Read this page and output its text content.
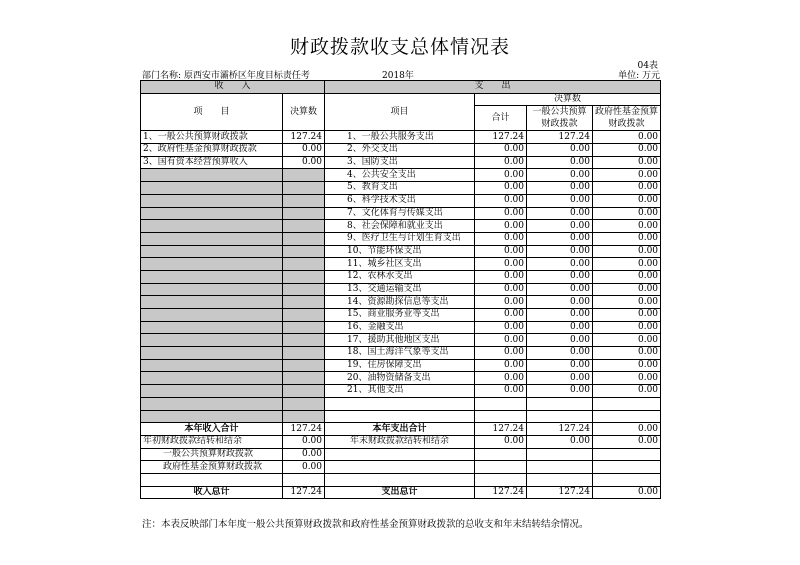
财政拨款收支总体情况表
04表
部门名称: 原西安市灞桥区年度目标责任考	2018年	单位: 万元
收　　入		支　　出			
项　　目	决算数	项目	决算数		
			合计	一般公共预算财政拨款	政府性基金预算财政拨款

1、一般公共预算财政拨款	127.24	1、一般公共服务支出	127.24	127.24	0.00
2、政府性基金预算财政拨款	0.00	2、外交支出	0.00	0.00	0.00
3、国有资本经营预算收入	0.00	3、国防支出	0.00	0.00	0.00
		4、公共安全支出	0.00	0.00	0.00
		5、教育支出	0.00	0.00	0.00
		6、科学技术支出	0.00	0.00	0.00
		7、文化体育与传媒支出	0.00	0.00	0.00
		8、社会保障和就业支出	0.00	0.00	0.00
		9、医疗卫生与计划生育支出	0.00	0.00	0.00
		10、节能环保支出	0.00	0.00	0.00
		11、城乡社区支出	0.00	0.00	0.00
		12、农林水支出	0.00	0.00	0.00
		13、交通运输支出	0.00	0.00	0.00
		14、资源勘探信息等支出	0.00	0.00	0.00
		15、商业服务业等支出	0.00	0.00	0.00
		16、金融支出	0.00	0.00	0.00
		17、援助其他地区支出	0.00	0.00	0.00
		18、国土海洋气象等支出	0.00	0.00	0.00
		19、住房保障支出	0.00	0.00	0.00
		20、油物资储备支出	0.00	0.00	0.00
		21、其他支出	0.00	0.00	0.00

本年收入合计	127.24	本年支出合计	127.24	127.24	0.00
年初财政拨款结转和结余	0.00	年末财政拨款结转和结余	0.00	0.00	0.00
一般公共预算财政拨款	0.00				
政府性基金预算财政拨款	0.00				

收入总计	127.24	支出总计	127.24	127.24	0.00
注：本表反映部门本年度一般公共预算财政拨款和政府性基金预算财政拨款的总收支和年末结转结余情况。
